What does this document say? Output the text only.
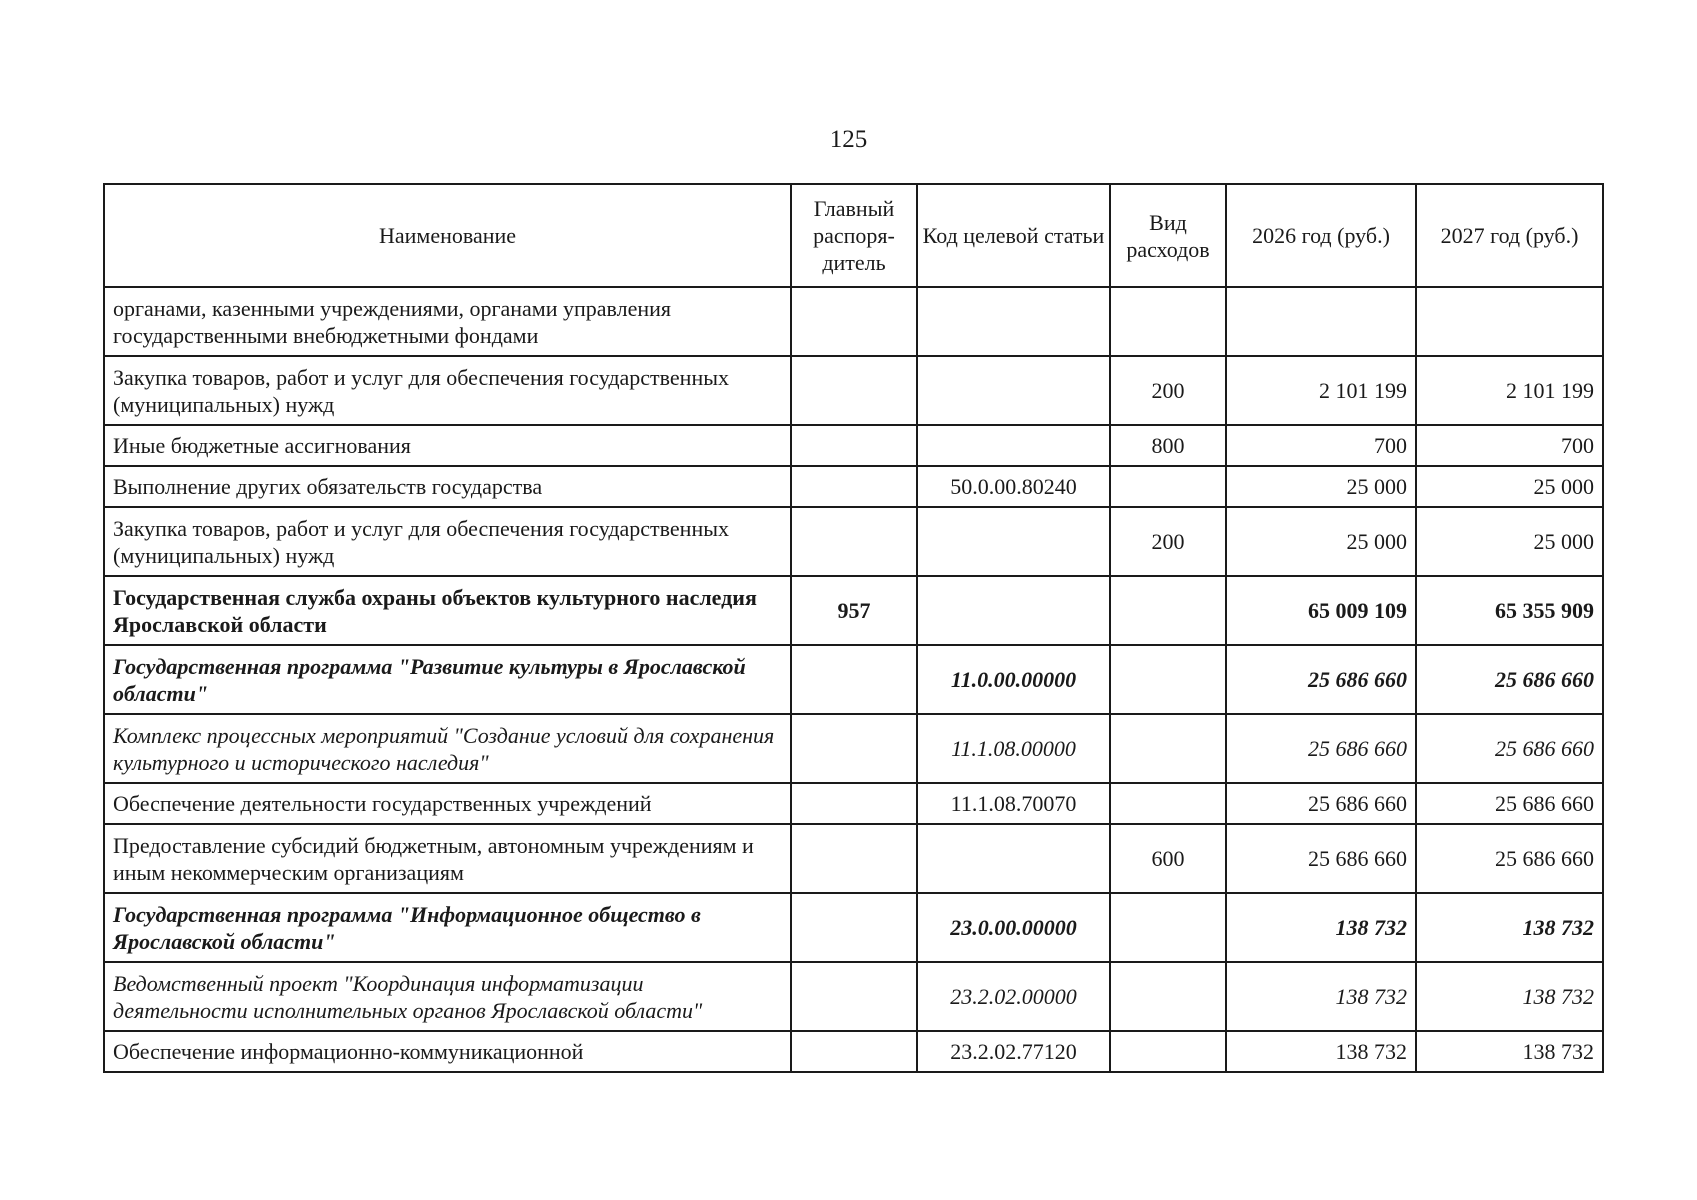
125
Наименование	Главный распоря-дитель	Код целевой статьи	Вид расходов	2026 год (руб.)	2027 год (руб.)
органами, казенными учреждениями, органами управления государственными внебюджетными фондами					
Закупка товаров, работ и услуг для обеспечения государственных (муниципальных) нужд			200	2 101 199	2 101 199
Иные бюджетные ассигнования			800	700	700
Выполнение других обязательств государства		50.0.00.80240		25 000	25 000
Закупка товаров, работ и услуг для обеспечения государственных (муниципальных) нужд			200	25 000	25 000
Государственная служба охраны объектов культурного наследия Ярославской области	957			65 009 109	65 355 909
Государственная программа "Развитие культуры в Ярославской области"		11.0.00.00000		25 686 660	25 686 660
Комплекс процессных мероприятий "Создание условий для сохранения культурного и исторического наследия"		11.1.08.00000		25 686 660	25 686 660
Обеспечение деятельности государственных учреждений		11.1.08.70070		25 686 660	25 686 660
Предоставление субсидий бюджетным, автономным учреждениям и иным некоммерческим организациям			600	25 686 660	25 686 660
Государственная программа "Информационное общество в Ярославской области"		23.0.00.00000		138 732	138 732
Ведомственный проект "Координация информатизации деятельности исполнительных органов Ярославской области"		23.2.02.00000		138 732	138 732
Обеспечение информационно-коммуникационной		23.2.02.77120		138 732	138 732
